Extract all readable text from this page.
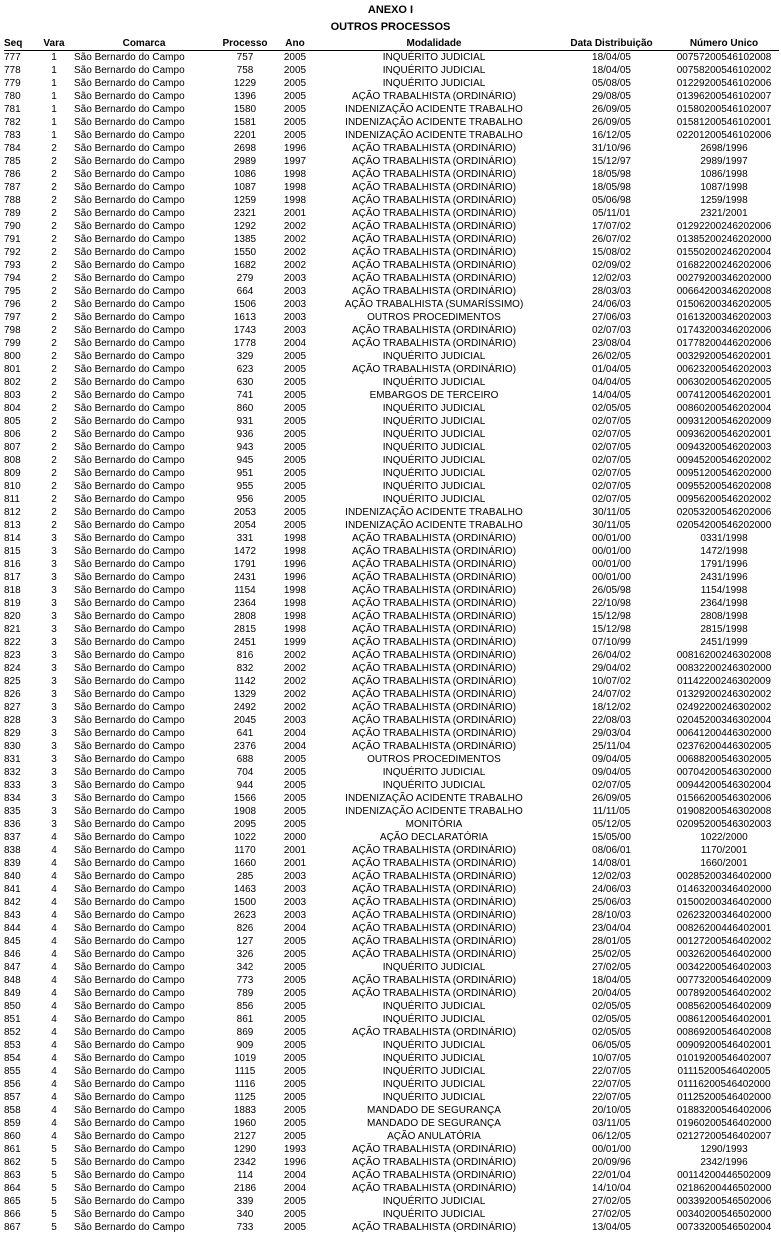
ANEXO I
OUTROS PROCESSOS
Seq	Vara	Comarca	Processo	Ano	Modalidade	Data Distribuição	Número Único
777	1	São Bernardo do Campo	757	2005	INQUÉRITO JUDICIAL	18/04/05	00757200546102008
778	1	São Bernardo do Campo	758	2005	INQUÉRITO JUDICIAL	18/04/05	00758200546102002
779	1	São Bernardo do Campo	1229	2005	INQUÉRITO JUDICIAL	05/08/05	01229200546102006
780	1	São Bernardo do Campo	1396	2005	AÇÃO TRABALHISTA (ORDINÁRIO)	29/08/05	01396200546102007
781	1	São Bernardo do Campo	1580	2005	INDENIZAÇÃO ACIDENTE TRABALHO	26/09/05	01580200546102007
782	1	São Bernardo do Campo	1581	2005	INDENIZAÇÃO ACIDENTE TRABALHO	26/09/05	01581200546102001
783	1	São Bernardo do Campo	2201	2005	INDENIZAÇÃO ACIDENTE TRABALHO	16/12/05	02201200546102006
784	2	São Bernardo do Campo	2698	1996	AÇÃO TRABALHISTA (ORDINÁRIO)	31/10/96	2698/1996
785	2	São Bernardo do Campo	2989	1997	AÇÃO TRABALHISTA (ORDINÁRIO)	15/12/97	2989/1997
786	2	São Bernardo do Campo	1086	1998	AÇÃO TRABALHISTA (ORDINÁRIO)	18/05/98	1086/1998
787	2	São Bernardo do Campo	1087	1998	AÇÃO TRABALHISTA (ORDINÁRIO)	18/05/98	1087/1998
788	2	São Bernardo do Campo	1259	1998	AÇÃO TRABALHISTA (ORDINÁRIO)	05/06/98	1259/1998
789	2	São Bernardo do Campo	2321	2001	AÇÃO TRABALHISTA (ORDINÁRIO)	05/11/01	2321/2001
790	2	São Bernardo do Campo	1292	2002	AÇÃO TRABALHISTA (ORDINÁRIO)	17/07/02	01292200246202006
791	2	São Bernardo do Campo	1385	2002	AÇÃO TRABALHISTA (ORDINÁRIO)	26/07/02	01385200246202000
792	2	São Bernardo do Campo	1550	2002	AÇÃO TRABALHISTA (ORDINÁRIO)	15/08/02	01550200246202004
793	2	São Bernardo do Campo	1682	2002	AÇÃO TRABALHISTA (ORDINÁRIO)	02/09/02	01682200246202006
794	2	São Bernardo do Campo	279	2003	AÇÃO TRABALHISTA (ORDINÁRIO)	12/02/03	00279200346202000
795	2	São Bernardo do Campo	664	2003	AÇÃO TRABALHISTA (ORDINÁRIO)	28/03/03	00664200346202008
796	2	São Bernardo do Campo	1506	2003	AÇÃO TRABALHISTA (SUMARÍSSIMO)	24/06/03	01506200346202005
797	2	São Bernardo do Campo	1613	2003	OUTROS PROCEDIMENTOS	27/06/03	01613200346202003
798	2	São Bernardo do Campo	1743	2003	AÇÃO TRABALHISTA (ORDINÁRIO)	02/07/03	01743200346202006
799	2	São Bernardo do Campo	1778	2004	AÇÃO TRABALHISTA (ORDINÁRIO)	23/08/04	01778200446202006
800	2	São Bernardo do Campo	329	2005	INQUÉRITO JUDICIAL	26/02/05	00329200546202001
801	2	São Bernardo do Campo	623	2005	AÇÃO TRABALHISTA (ORDINÁRIO)	01/04/05	00623200546202003
802	2	São Bernardo do Campo	630	2005	INQUÉRITO JUDICIAL	04/04/05	00630200546202005
803	2	São Bernardo do Campo	741	2005	EMBARGOS DE TERCEIRO	14/04/05	00741200546202001
804	2	São Bernardo do Campo	860	2005	INQUÉRITO JUDICIAL	02/05/05	00860200546202004
805	2	São Bernardo do Campo	931	2005	INQUÉRITO JUDICIAL	02/07/05	00931200546202009
806	2	São Bernardo do Campo	936	2005	INQUÉRITO JUDICIAL	02/07/05	00936200546202001
807	2	São Bernardo do Campo	943	2005	INQUÉRITO JUDICIAL	02/07/05	00943200546202003
808	2	São Bernardo do Campo	945	2005	INQUÉRITO JUDICIAL	02/07/05	00945200546202002
809	2	São Bernardo do Campo	951	2005	INQUÉRITO JUDICIAL	02/07/05	00951200546202000
810	2	São Bernardo do Campo	955	2005	INQUÉRITO JUDICIAL	02/07/05	00955200546202008
811	2	São Bernardo do Campo	956	2005	INQUÉRITO JUDICIAL	02/07/05	00956200546202002
812	2	São Bernardo do Campo	2053	2005	INDENIZAÇÃO ACIDENTE TRABALHO	30/11/05	02053200546202006
813	2	São Bernardo do Campo	2054	2005	INDENIZAÇÃO ACIDENTE TRABALHO	30/11/05	02054200546202000
814	3	São Bernardo do Campo	331	1998	AÇÃO TRABALHISTA (ORDINÁRIO)	00/01/00	0331/1998
815	3	São Bernardo do Campo	1472	1998	AÇÃO TRABALHISTA (ORDINÁRIO)	00/01/00	1472/1998
816	3	São Bernardo do Campo	1791	1996	AÇÃO TRABALHISTA (ORDINÁRIO)	00/01/00	1791/1996
817	3	São Bernardo do Campo	2431	1996	AÇÃO TRABALHISTA (ORDINÁRIO)	00/01/00	2431/1996
818	3	São Bernardo do Campo	1154	1998	AÇÃO TRABALHISTA (ORDINÁRIO)	26/05/98	1154/1998
819	3	São Bernardo do Campo	2364	1998	AÇÃO TRABALHISTA (ORDINÁRIO)	22/10/98	2364/1998
820	3	São Bernardo do Campo	2808	1998	AÇÃO TRABALHISTA (ORDINÁRIO)	15/12/98	2808/1998
821	3	São Bernardo do Campo	2815	1998	AÇÃO TRABALHISTA (ORDINÁRIO)	15/12/98	2815/1998
822	3	São Bernardo do Campo	2451	1999	AÇÃO TRABALHISTA (ORDINÁRIO)	07/10/99	2451/1999
823	3	São Bernardo do Campo	816	2002	AÇÃO TRABALHISTA (ORDINÁRIO)	26/04/02	00816200246302008
824	3	São Bernardo do Campo	832	2002	AÇÃO TRABALHISTA (ORDINÁRIO)	29/04/02	00832200246302000
825	3	São Bernardo do Campo	1142	2002	AÇÃO TRABALHISTA (ORDINÁRIO)	10/07/02	01142200246302009
826	3	São Bernardo do Campo	1329	2002	AÇÃO TRABALHISTA (ORDINÁRIO)	24/07/02	01329200246302002
827	3	São Bernardo do Campo	2492	2002	AÇÃO TRABALHISTA (ORDINÁRIO)	18/12/02	02492200246302002
828	3	São Bernardo do Campo	2045	2003	AÇÃO TRABALHISTA (ORDINÁRIO)	22/08/03	02045200346302004
829	3	São Bernardo do Campo	641	2004	AÇÃO TRABALHISTA (ORDINÁRIO)	29/03/04	00641200446302000
830	3	São Bernardo do Campo	2376	2004	AÇÃO TRABALHISTA (ORDINÁRIO)	25/11/04	02376200446302005
831	3	São Bernardo do Campo	688	2005	OUTROS PROCEDIMENTOS	09/04/05	00688200546302005
832	3	São Bernardo do Campo	704	2005	INQUÉRITO JUDICIAL	09/04/05	00704200546302000
833	3	São Bernardo do Campo	944	2005	INQUÉRITO JUDICIAL	02/07/05	00944200546302004
834	3	São Bernardo do Campo	1566	2005	INDENIZAÇÃO ACIDENTE TRABALHO	26/09/05	01566200546302006
835	3	São Bernardo do Campo	1908	2005	INDENIZAÇÃO ACIDENTE TRABALHO	11/11/05	01908200546302008
836	3	São Bernardo do Campo	2095	2005	MONITÓRIA	05/12/05	02095200546302003
837	4	São Bernardo do Campo	1022	2000	AÇÃO DECLARATÓRIA	15/05/00	1022/2000
838	4	São Bernardo do Campo	1170	2001	AÇÃO TRABALHISTA (ORDINÁRIO)	08/06/01	1170/2001
839	4	São Bernardo do Campo	1660	2001	AÇÃO TRABALHISTA (ORDINÁRIO)	14/08/01	1660/2001
840	4	São Bernardo do Campo	285	2003	AÇÃO TRABALHISTA (ORDINÁRIO)	12/02/03	00285200346402000
841	4	São Bernardo do Campo	1463	2003	AÇÃO TRABALHISTA (ORDINÁRIO)	24/06/03	01463200346402000
842	4	São Bernardo do Campo	1500	2003	AÇÃO TRABALHISTA (ORDINÁRIO)	25/06/03	01500200346402000
843	4	São Bernardo do Campo	2623	2003	AÇÃO TRABALHISTA (ORDINÁRIO)	28/10/03	02623200346402000
844	4	São Bernardo do Campo	826	2004	AÇÃO TRABALHISTA (ORDINÁRIO)	23/04/04	00826200446402001
845	4	São Bernardo do Campo	127	2005	AÇÃO TRABALHISTA (ORDINÁRIO)	28/01/05	00127200546402002
846	4	São Bernardo do Campo	326	2005	AÇÃO TRABALHISTA (ORDINÁRIO)	25/02/05	00326200546402000
847	4	São Bernardo do Campo	342	2005	INQUÉRITO JUDICIAL	27/02/05	00342200546402003
848	4	São Bernardo do Campo	773	2005	AÇÃO TRABALHISTA (ORDINÁRIO)	18/04/05	00773200546402009
849	4	São Bernardo do Campo	789	2005	AÇÃO TRABALHISTA (ORDINÁRIO)	20/04/05	00789200546402002
850	4	São Bernardo do Campo	856	2005	INQUÉRITO JUDICIAL	02/05/05	00856200546402009
851	4	São Bernardo do Campo	861	2005	INQUÉRITO JUDICIAL	02/05/05	00861200546402001
852	4	São Bernardo do Campo	869	2005	AÇÃO TRABALHISTA (ORDINÁRIO)	02/05/05	00869200546402008
853	4	São Bernardo do Campo	909	2005	INQUÉRITO JUDICIAL	06/05/05	00909200546402001
854	4	São Bernardo do Campo	1019	2005	INQUÉRITO JUDICIAL	10/07/05	01019200546402007
855	4	São Bernardo do Campo	1115	2005	INQUÉRITO JUDICIAL	22/07/05	01115200546402005
856	4	São Bernardo do Campo	1116	2005	INQUÉRITO JUDICIAL	22/07/05	01116200546402000
857	4	São Bernardo do Campo	1125	2005	INQUÉRITO JUDICIAL	22/07/05	01125200546402000
858	4	São Bernardo do Campo	1883	2005	MANDADO DE SEGURANÇA	20/10/05	01883200546402006
859	4	São Bernardo do Campo	1960	2005	MANDADO DE SEGURANÇA	03/11/05	01960200546402000
860	4	São Bernardo do Campo	2127	2005	AÇÃO ANULATÓRIA	06/12/05	02127200546402007
861	5	São Bernardo do Campo	1290	1993	AÇÃO TRABALHISTA (ORDINÁRIO)	00/01/00	1290/1993
862	5	São Bernardo do Campo	2342	1996	AÇÃO TRABALHISTA (ORDINÁRIO)	20/09/96	2342/1996
863	5	São Bernardo do Campo	114	2004	AÇÃO TRABALHISTA (ORDINÁRIO)	22/01/04	00114200446502009
864	5	São Bernardo do Campo	2186	2004	AÇÃO TRABALHISTA (ORDINÁRIO)	14/10/04	02186200446502000
865	5	São Bernardo do Campo	339	2005	INQUÉRITO JUDICIAL	27/02/05	00339200546502006
866	5	São Bernardo do Campo	340	2005	INQUÉRITO JUDICIAL	27/02/05	00340200546502000
867	5	São Bernardo do Campo	733	2005	AÇÃO TRABALHISTA (ORDINÁRIO)	13/04/05	00733200546502004
